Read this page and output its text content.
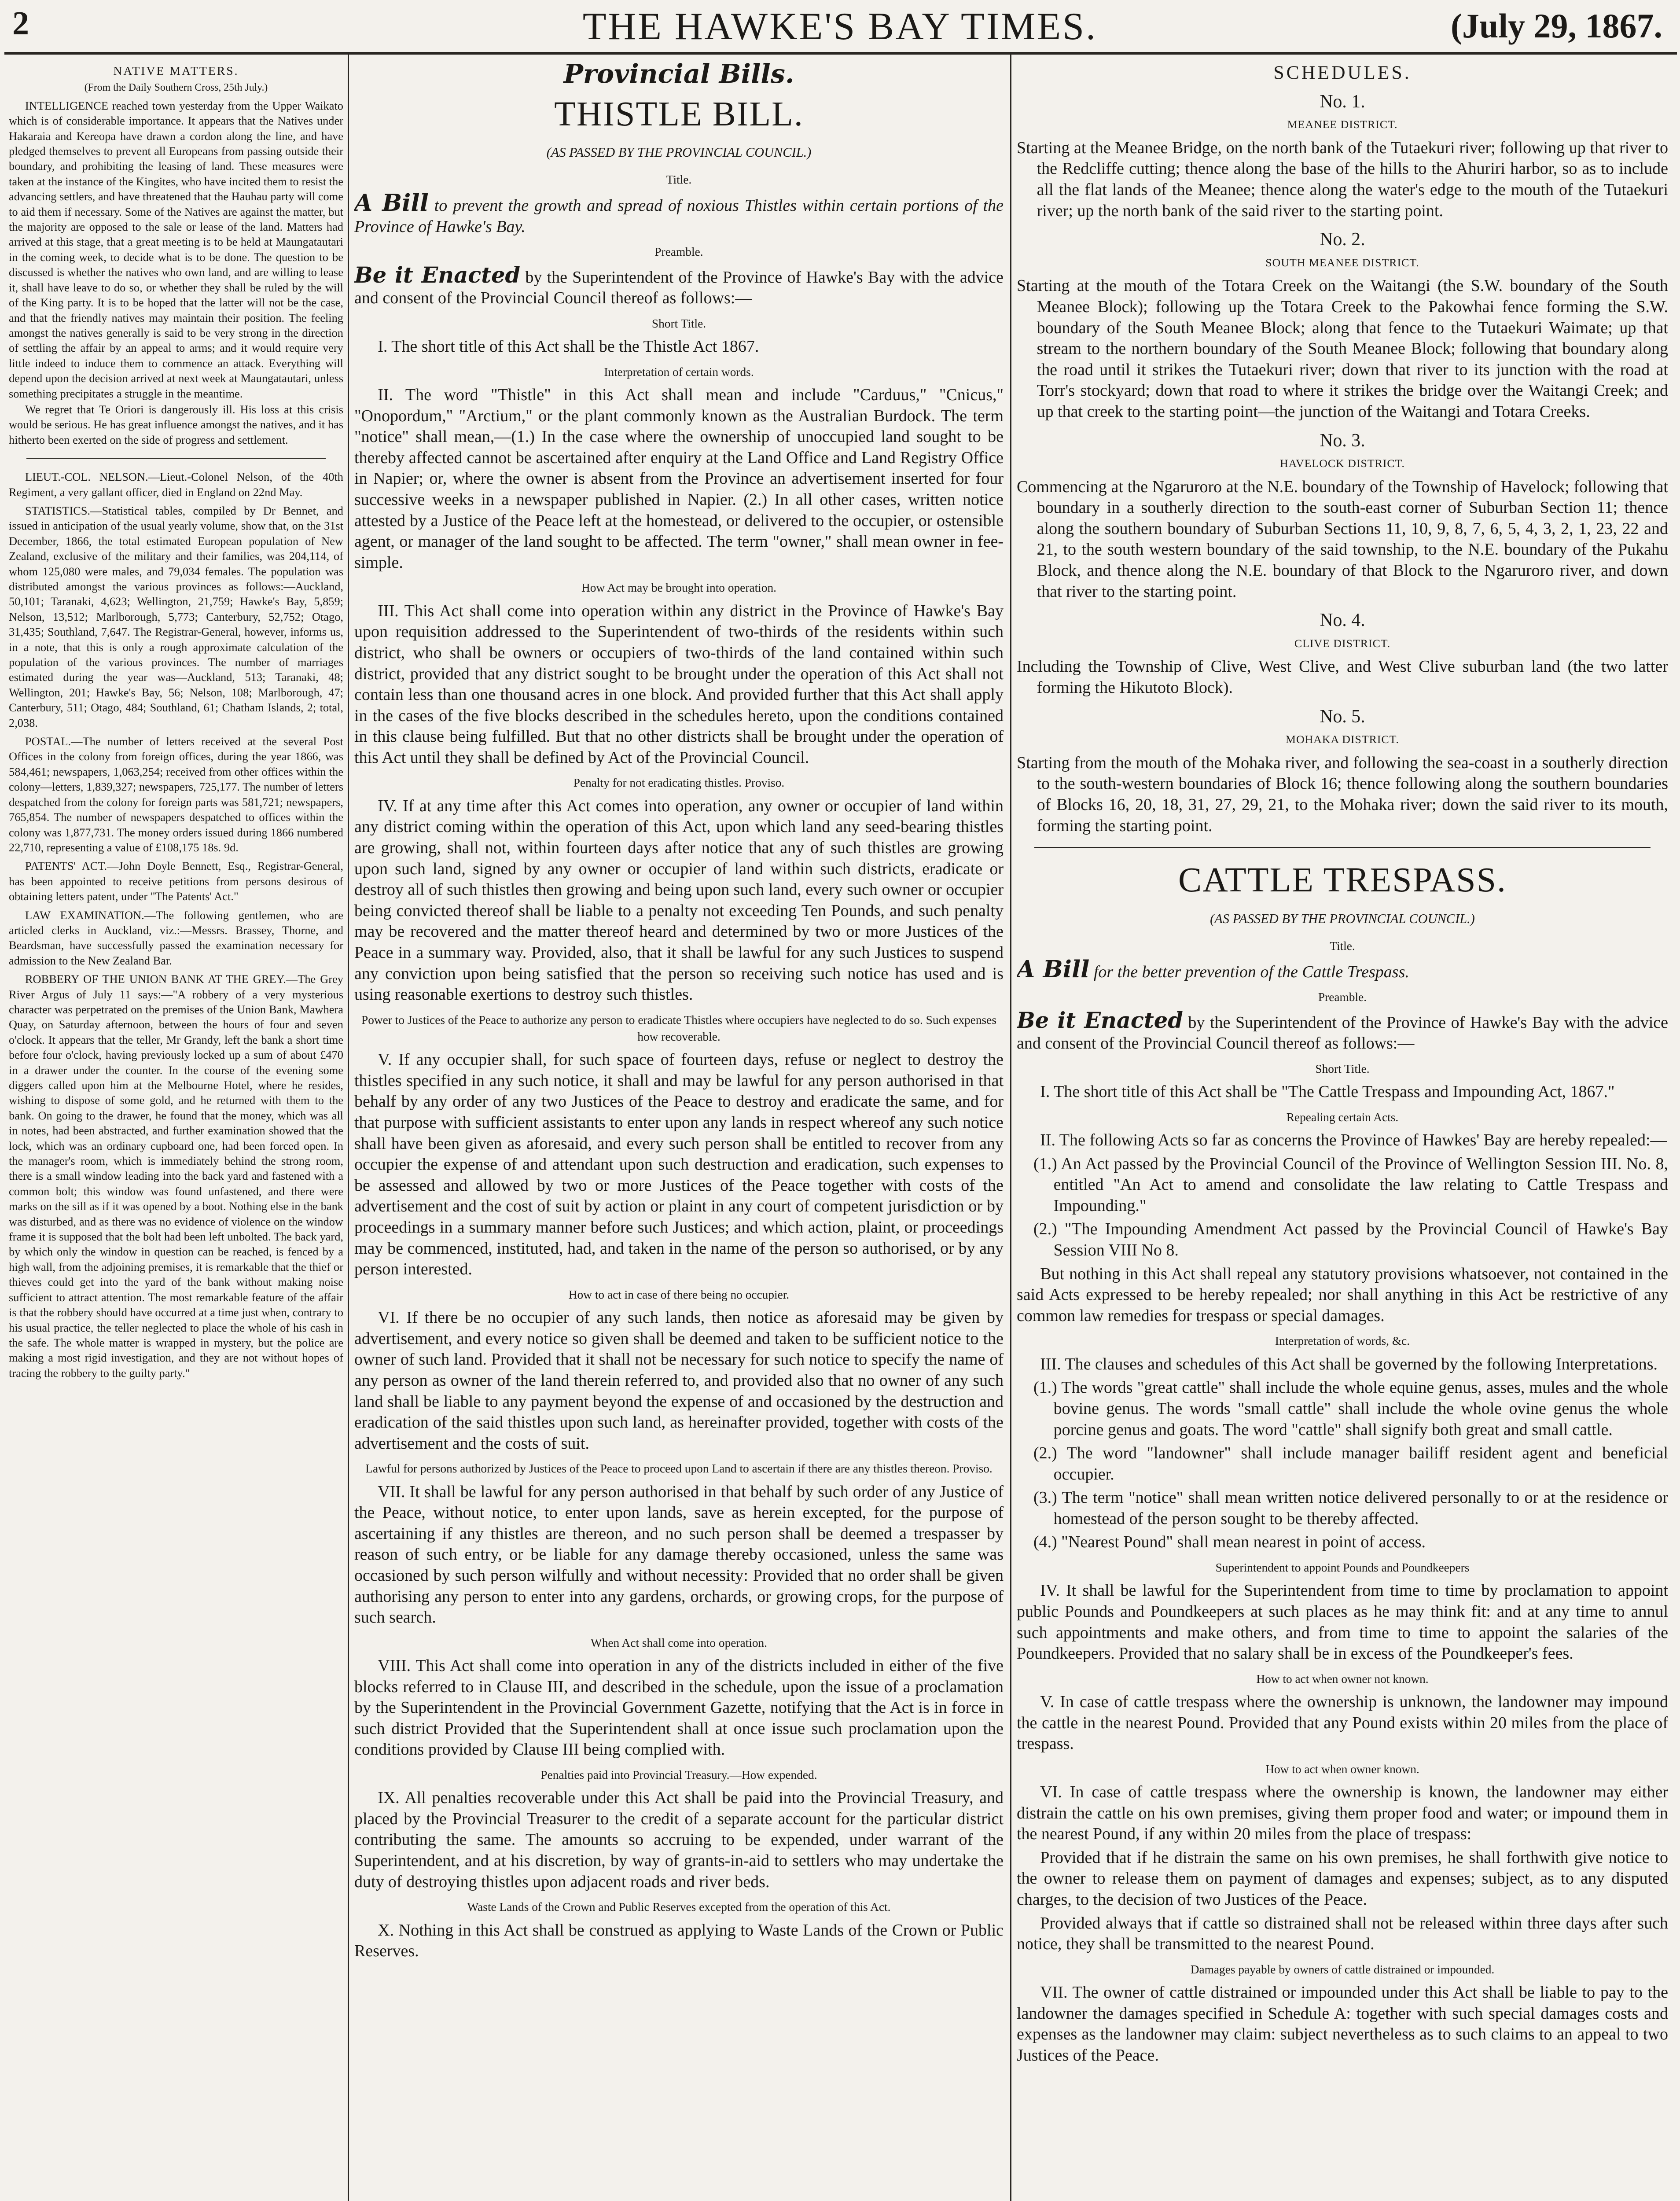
2	THE HAWKE'S BAY TIMES.	(July 29, 1867.
NATIVE MATTERS.
(From the Daily Southern Cross, 25th July.)

INTELLIGENCE reached town yesterday from the Upper Waikato which is of considerable importance. It appears that the Natives under Hakaraia and Kereopa have drawn a cordon along the line, and have pledged themselves to prevent all Europeans from passing outside their boundary, and prohibiting the leasing of land. These measures were taken at the instance of the Kingites, who have incited them to resist the advancing settlers, and have threatened that the Hauhau party will come to aid them if necessary. Some of the Natives are against the matter, but the majority are opposed to the sale or lease of the land. Matters had arrived at this stage, that a great meeting is to be held at Maungatautari in the coming week, to decide what is to be done. The question to be discussed is whether the natives who own land, and are willing to lease it, shall have leave to do so, or whether they shall be ruled by the will of the King party. It is to be hoped that the latter will not be the case, and that the friendly natives may maintain their position. The feeling amongst the natives generally is said to be very strong in the direction of settling the affair by an appeal to arms; and it would require very little indeed to induce them to commence an attack. Everything will depend upon the decision arrived at next week at Maungatautari, unless something precipitates a struggle in the meantime.

We regret that Te Oriori is dangerously ill. His loss at this crisis would be serious. He has great influence amongst the natives, and it has hitherto been exerted on the side of progress and settlement.

LIEUT.-COL. NELSON.—Lieut.-Colonel Nelson, of the 40th Regiment, a very gallant officer, died in England on 22nd May.

STATISTICS.—Statistical tables, compiled by Dr Bennet, and issued in anticipation of the usual yearly volume, show that, on the 31st December, 1866, the total estimated European population of New Zealand, exclusive of the military and their families, was 204,114, of whom 125,080 were males, and 79,034 females. The population was distributed amongst the various provinces as follows:—Auckland, 50,101; Taranaki, 4,623; Wellington, 21,759; Hawke's Bay, 5,859; Nelson, 13,512; Marlborough, 5,773; Canterbury, 52,752; Otago, 31,435; Southland, 7,647. The Registrar-General, however, informs us, in a note, that this is only a rough approximate calculation of the population of the various provinces. The number of marriages estimated during the year was—Auckland, 513; Taranaki, 48; Wellington, 201; Hawke's Bay, 56; Nelson, 108; Marlborough, 47; Canterbury, 511; Otago, 484; Southland, 61; Chatham Islands, 2; total, 2,038.

POSTAL.—The number of letters received at the several Post Offices in the colony from foreign offices, during the year 1866, was 584,461; newspapers, 1,063,254; received from other offices within the colony—letters, 1,839,327; newspapers, 725,177. The number of letters despatched from the colony for foreign parts was 581,721; newspapers, 765,854. The number of newspapers despatched to offices within the colony was 1,877,731. The money orders issued during 1866 numbered 22,710, representing a value of £108,175 18s. 9d.

PATENTS' ACT.—John Doyle Bennett, Esq., Registrar-General, has been appointed to receive petitions from persons desirous of obtaining letters patent, under "The Patents' Act."

LAW EXAMINATION.—The following gentlemen, who are articled clerks in Auckland, viz.:—Messrs. Brassey, Thorne, and Beardsman, have successfully passed the examination necessary for admission to the New Zealand Bar.

ROBBERY OF THE UNION BANK AT THE GREY.—The Grey River Argus of July 11 says:—"A robbery of a very mysterious character was perpetrated on the premises of the Union Bank, Mawhera Quay, on Saturday afternoon, between the hours of four and seven o'clock. It appears that the teller, Mr Grandy, left the bank a short time before four o'clock, having previously locked up a sum of about £470 in a drawer under the counter. In the course of the evening some diggers called upon him at the Melbourne Hotel, where he resides, wishing to dispose of some gold, and he returned with them to the bank. On going to the drawer, he found that the money, which was all in notes, had been abstracted, and further examination showed that the lock, which was an ordinary cupboard one, had been forced open. In the manager's room, which is immediately behind the strong room, there is a small window leading into the back yard and fastened with a common bolt; this window was found unfastened, and there were marks on the sill as if it was opened by a boot. Nothing else in the bank was disturbed, and as there was no evidence of violence on the window frame it is supposed that the bolt had been left unbolted. The back yard, by which only the window in question can be reached, is fenced by a high wall, from the adjoining premises, it is remarkable that the thief or thieves could get into the yard of the bank without making noise sufficient to attract attention. The most remarkable feature of the affair is that the robbery should have occurred at a time just when, contrary to his usual practice, the teller neglected to place the whole of his cash in the safe. The whole matter is wrapped in mystery, but the police are making a most rigid investigation, and they are not without hopes of tracing the robbery to the guilty party."

Provincial Bills.
THISTLE BILL.
(AS PASSED BY THE PROVINCIAL COUNCIL.)
Title.

A Bill to prevent the growth and spread of noxious Thistles within certain portions of the Province of Hawke's Bay.

Preamble.

Be it Enacted by the Superintendent of the Province of Hawke's Bay with the advice and consent of the Provincial Council thereof as follows:—

Short Title.

I. The short title of this Act shall be the Thistle Act 1867.

Interpretation of certain words.

II. The word "Thistle" in this Act shall mean and include "Carduus," "Cnicus," "Onopordum," "Arctium," or the plant commonly known as the Australian Burdock. The term "notice" shall mean,—(1.) In the case where the ownership of unoccupied land sought to be thereby affected cannot be ascertained after enquiry at the Land Office and Land Registry Office in Napier; or, where the owner is absent from the Province an advertisement inserted for four successive weeks in a newspaper published in Napier. (2.) In all other cases, written notice attested by a Justice of the Peace left at the homestead, or delivered to the occupier, or ostensible agent, or manager of the land sought to be affected. The term "owner," shall mean owner in fee-simple.

How Act may be brought into operation.

III. This Act shall come into operation within any district in the Province of Hawke's Bay upon requisition addressed to the Superintendent of two-thirds of the residents within such district, who shall be owners or occupiers of two-thirds of the land contained within such district, provided that any district sought to be brought under the operation of this Act shall not contain less than one thousand acres in one block. And provided further that this Act shall apply in the cases of the five blocks described in the schedules hereto, upon the conditions contained in this clause being fulfilled. But that no other districts shall be brought under the operation of this Act until they shall be defined by Act of the Provincial Council.

Penalty for not eradicating thistles. Proviso.

IV. If at any time after this Act comes into operation, any owner or occupier of land within any district coming within the operation of this Act, upon which land any seed-bearing thistles are growing, shall not, within fourteen days after notice that any of such thistles are growing upon such land, signed by any owner or occupier of land within such districts, eradicate or destroy all of such thistles then growing and being upon such land, every such owner or occupier being convicted thereof shall be liable to a penalty not exceeding Ten Pounds, and such penalty may be recovered and the matter thereof heard and determined by two or more Justices of the Peace in a summary way. Provided, also, that it shall be lawful for any such Justices to suspend any conviction upon being satisfied that the person so receiving such notice has used and is using reasonable exertions to destroy such thistles.

Power to Justices of the Peace to authorize any person to eradicate Thistles where occupiers have neglected to do so. Such expenses how recoverable.

V. If any occupier shall, for such space of fourteen days, refuse or neglect to destroy the thistles specified in any such notice, it shall and may be lawful for any person authorised in that behalf by any order of any two Justices of the Peace to destroy and eradicate the same, and for that purpose with sufficient assistants to enter upon any lands in respect whereof any such notice shall have been given as aforesaid, and every such person shall be entitled to recover from any occupier the expense of and attendant upon such destruction and eradication, such expenses to be assessed and allowed by two or more Justices of the Peace together with costs of the advertisement and the cost of suit by action or plaint in any court of competent jurisdiction or by proceedings in a summary manner before such Justices; and which action, plaint, or proceedings may be commenced, instituted, had, and taken in the name of the person so authorised, or by any person interested.

How to act in case of there being no occupier.

VI. If there be no occupier of any such lands, then notice as aforesaid may be given by advertisement, and every notice so given shall be deemed and taken to be sufficient notice to the owner of such land. Provided that it shall not be necessary for such notice to specify the name of any person as owner of the land therein referred to, and provided also that no owner of any such land shall be liable to any payment beyond the expense of and occasioned by the destruction and eradication of the said thistles upon such land, as hereinafter provided, together with costs of the advertisement and the costs of suit.

Lawful for persons authorized by Justices of the Peace to proceed upon Land to ascertain if there are any thistles thereon. Proviso.

VII. It shall be lawful for any person authorised in that behalf by such order of any Justice of the Peace, without notice, to enter upon lands, save as herein excepted, for the purpose of ascertaining if any thistles are thereon, and no such person shall be deemed a trespasser by reason of such entry, or be liable for any damage thereby occasioned, unless the same was occasioned by such person wilfully and without necessity: Provided that no order shall be given authorising any person to enter into any gardens, orchards, or growing crops, for the purpose of such search.

When Act shall come into operation.

VIII. This Act shall come into operation in any of the districts included in either of the five blocks referred to in Clause III, and described in the schedule, upon the issue of a proclamation by the Superintendent in the Provincial Government Gazette, notifying that the Act is in force in such district Provided that the Superintendent shall at once issue such proclamation upon the conditions provided by Clause III being complied with.

Penalties paid into Provincial Treasury.—How expended.

IX. All penalties recoverable under this Act shall be paid into the Provincial Treasury, and placed by the Provincial Treasurer to the credit of a separate account for the particular district contributing the same. The amounts so accruing to be expended, under warrant of the Superintendent, and at his discretion, by way of grants-in-aid to settlers who may undertake the duty of destroying thistles upon adjacent roads and river beds.

Waste Lands of the Crown and Public Reserves excepted from the operation of this Act.

X. Nothing in this Act shall be construed as applying to Waste Lands of the Crown or Public Reserves.

SCHEDULES.
No. 1.
MEANEE DISTRICT.

Starting at the Meanee Bridge, on the north bank of the Tutaekuri river; following up that river to the Redcliffe cutting; thence along the base of the hills to the Ahuriri harbor, so as to include all the flat lands of the Meanee; thence along the water's edge to the mouth of the Tutaekuri river; up the north bank of the said river to the starting point.

No. 2.
SOUTH MEANEE DISTRICT.

Starting at the mouth of the Totara Creek on the Waitangi (the S.W. boundary of the South Meanee Block); following up the Totara Creek to the Pakowhai fence forming the S.W. boundary of the South Meanee Block; along that fence to the Tutaekuri Waimate; up that stream to the northern boundary of the South Meanee Block; following that boundary along the road until it strikes the Tutaekuri river; down that river to its junction with the road at Torr's stockyard; down that road to where it strikes the bridge over the Waitangi Creek; and up that creek to the starting point—the junction of the Waitangi and Totara Creeks.

No. 3.
HAVELOCK DISTRICT.

Commencing at the Ngaruroro at the N.E. boundary of the Township of Havelock; following that boundary in a southerly direction to the south-east corner of Suburban Section 11; thence along the southern boundary of Suburban Sections 11, 10, 9, 8, 7, 6, 5, 4, 3, 2, 1, 23, 22 and 21, to the south western boundary of the said township, to the N.E. boundary of the Pukahu Block, and thence along the N.E. boundary of that Block to the Ngaruroro river, and down that river to the starting point.

No. 4.
CLIVE DISTRICT.

Including the Township of Clive, West Clive, and West Clive suburban land (the two latter forming the Hikutoto Block).

No. 5.
MOHAKA DISTRICT.

Starting from the mouth of the Mohaka river, and following the sea-coast in a southerly direction to the south-western boundaries of Block 16; thence following along the southern boundaries of Blocks 16, 20, 18, 31, 27, 29, 21, to the Mohaka river; down the said river to its mouth, forming the starting point.

CATTLE TRESPASS.
(AS PASSED BY THE PROVINCIAL COUNCIL.)
Title.

A Bill for the better prevention of the Cattle Trespass.

Preamble.

Be it Enacted by the Superintendent of the Province of Hawke's Bay with the advice and consent of the Provincial Council thereof as follows:—

Short Title.

I. The short title of this Act shall be "The Cattle Trespass and Impounding Act, 1867."

Repealing certain Acts.

II. The following Acts so far as concerns the Province of Hawkes' Bay are hereby repealed:—

(1.) An Act passed by the Provincial Council of the Province of Wellington Session III. No. 8, entitled "An Act to amend and consolidate the law relating to Cattle Trespass and Impounding."

(2.) "The Impounding Amendment Act passed by the Provincial Council of Hawke's Bay Session VIII No 8.

But nothing in this Act shall repeal any statutory provisions whatsoever, not contained in the said Acts expressed to be hereby repealed; nor shall anything in this Act be restrictive of any common law remedies for trespass or special damages.

Interpretation of words, &c.

III. The clauses and schedules of this Act shall be governed by the following Interpretations.

(1.) The words "great cattle" shall include the whole equine genus, asses, mules and the whole bovine genus. The words "small cattle" shall include the whole ovine genus the whole porcine genus and goats. The word "cattle" shall signify both great and small cattle.

(2.) The word "landowner" shall include manager bailiff resident agent and beneficial occupier.

(3.) The term "notice" shall mean written notice delivered personally to or at the residence or homestead of the person sought to be thereby affected.

(4.) "Nearest Pound" shall mean nearest in point of access.

Superintendent to appoint Pounds and Poundkeepers

IV. It shall be lawful for the Superintendent from time to time by proclamation to appoint public Pounds and Poundkeepers at such places as he may think fit: and at any time to annul such appointments and make others, and from time to time to appoint the salaries of the Poundkeepers. Provided that no salary shall be in excess of the Poundkeeper's fees.

How to act when owner not known.

V. In case of cattle trespass where the ownership is unknown, the landowner may impound the cattle in the nearest Pound. Provided that any Pound exists within 20 miles from the place of trespass.

How to act when owner known.

VI. In case of cattle trespass where the ownership is known, the landowner may either distrain the cattle on his own premises, giving them proper food and water; or impound them in the nearest Pound, if any within 20 miles from the place of trespass:

Provided that if he distrain the same on his own premises, he shall forthwith give notice to the owner to release them on payment of damages and expenses; subject, as to any disputed charges, to the decision of two Justices of the Peace.

Provided always that if cattle so distrained shall not be released within three days after such notice, they shall be transmitted to the nearest Pound.

Damages payable by owners of cattle distrained or impounded.

VII. The owner of cattle distrained or impounded under this Act shall be liable to pay to the landowner the damages specified in Schedule A: together with such special damages costs and expenses as the landowner may claim: subject nevertheless as to such claims to an appeal to two Justices of the Peace.
